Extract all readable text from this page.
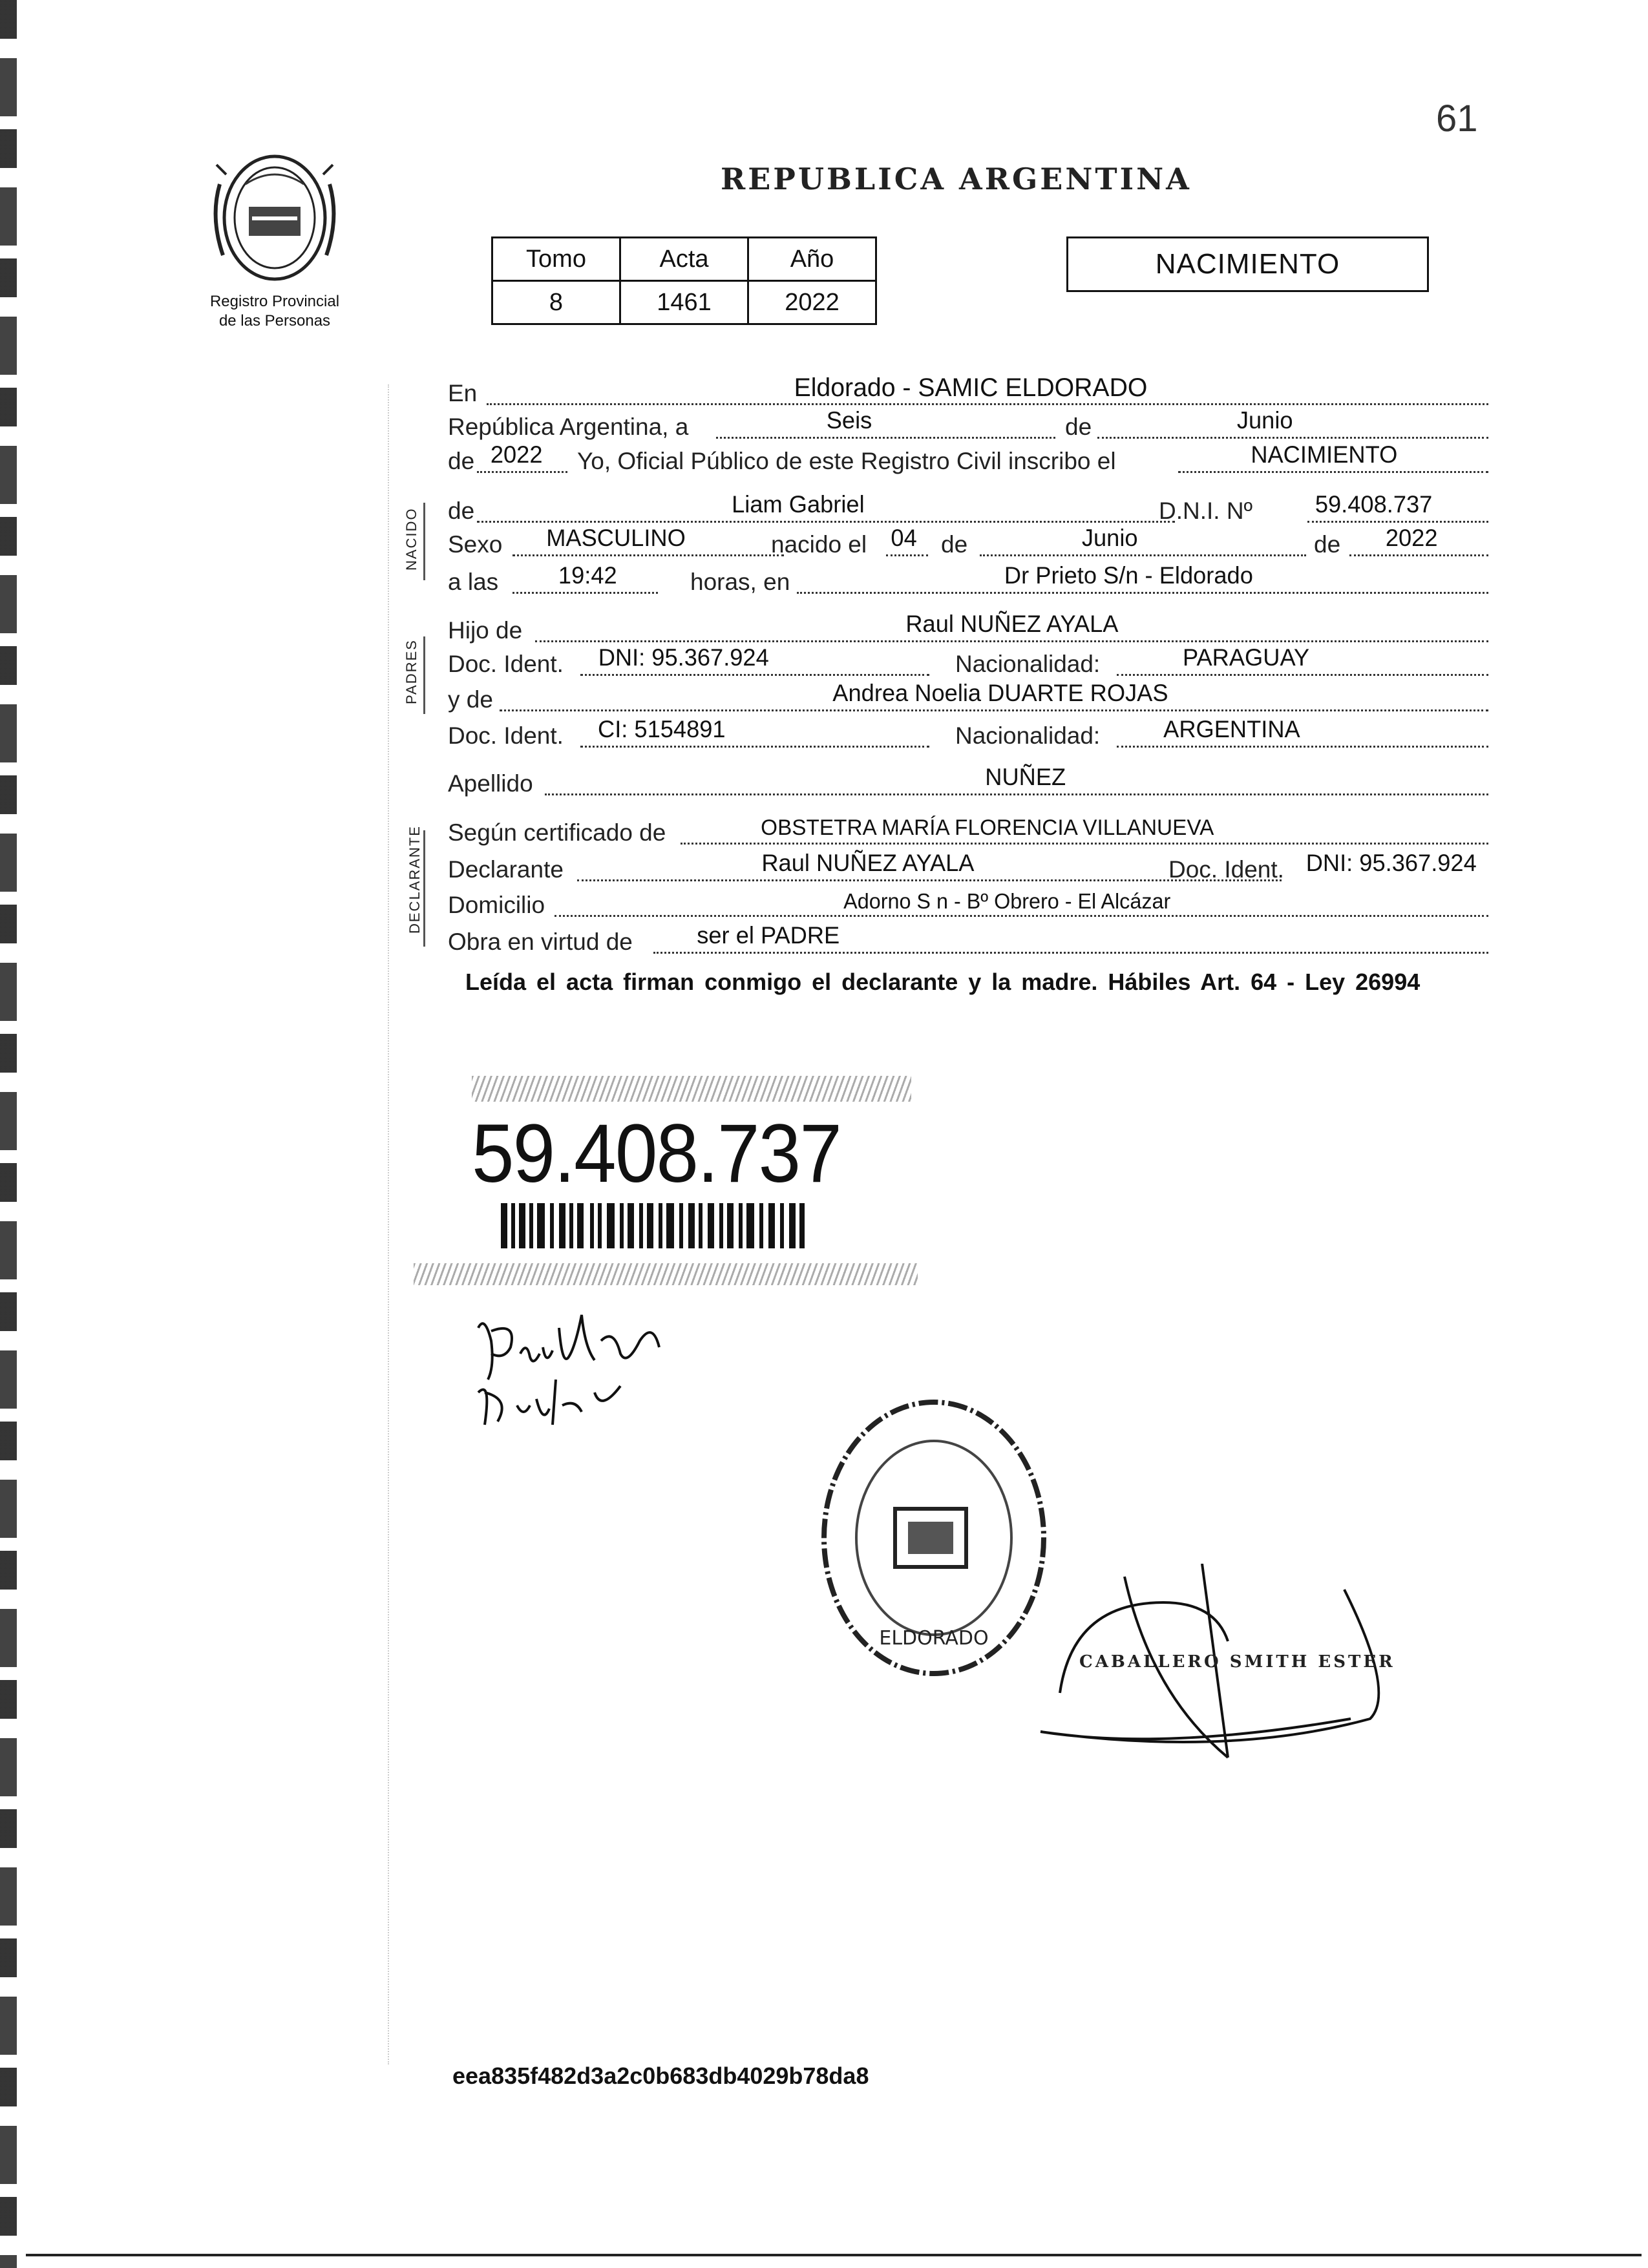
61
Registro Provincial
de las Personas
REPUBLICA ARGENTINA
Tomo	Acta	Año
8	1461	2022
NACIMIENTO
NACIDO
PADRES
DECLARANTE
En	Eldorado - SAMIC ELDORADO
República Argentina, a	Seis	de	Junio
de 2022 Yo, Oficial Público de este Registro Civil inscribo el	NACIMIENTO
de	Liam Gabriel	D.N.I. Nº	59.408.737
Sexo MASCULINO	nacido el 04 de	Junio	de 2022
a las	19:42	horas, en	Dr Prieto S/n - Eldorado
Hijo de	Raul NUÑEZ AYALA
Doc. Ident. DNI: 95.367.924	Nacionalidad:	PARAGUAY
y de	Andrea Noelia DUARTE ROJAS
Doc. Ident. CI: 5154891	Nacionalidad:	ARGENTINA
Apellido	NUÑEZ
Según certificado de	OBSTETRA MARÍA FLORENCIA VILLANUEVA
Declarante	Raul NUÑEZ AYALA	Doc. Ident. DNI: 95.367.924
Domicilio	Adorno S n - Bº Obrero - El Alcázar
Obra en virtud de	ser el PADRE
Leída el acta firman conmigo el declarante y la madre. Hábiles Art. 64 - Ley 26994
59.408.737
ELDORADO
CABALLERO SMITH ESTER
eea835f482d3a2c0b683db4029b78da8
